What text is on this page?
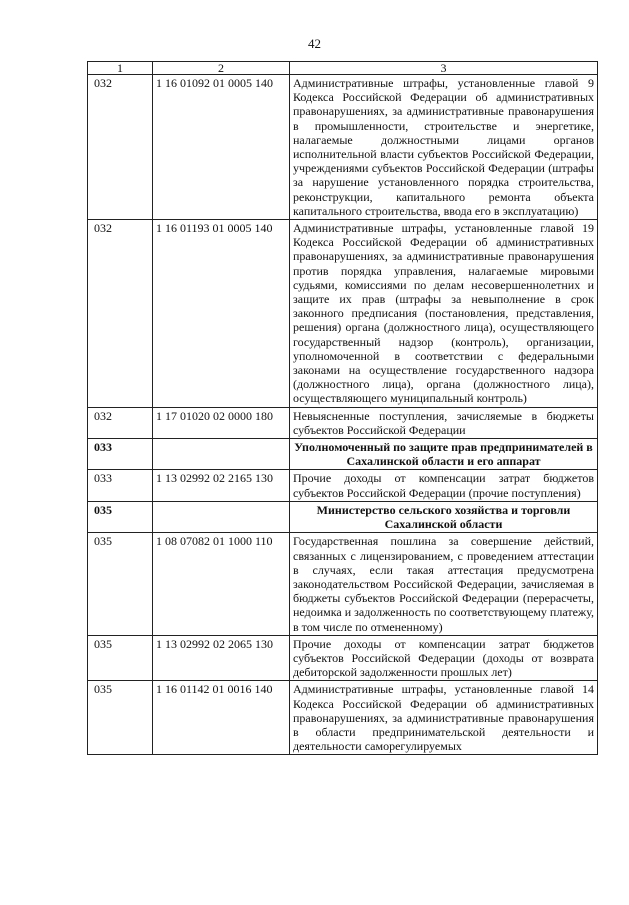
42
1	2	3
032	1 16 01092 01 0005 140	Административные штрафы, установленные главой 9 Кодекса Российской Федерации об административных правонарушениях, за административные правонарушения в промышленности, строительстве и энергетике, налагаемые должностными лицами органов исполнительной власти субъектов Российской Федерации, учреждениями субъектов Российской Федерации (штрафы за нарушение установленного порядка строительства, реконструкции, капитального ремонта объекта капитального строительства, ввода его в эксплуатацию)
032	1 16 01193 01 0005 140	Административные штрафы, установленные главой 19 Кодекса Российской Федерации об административных правонарушениях, за административные правонарушения против порядка управления, налагаемые мировыми судьями, комиссиями по делам несовершеннолетних и защите их прав (штрафы за невыполнение в срок законного предписания (постановления, представления, решения) органа (должностного лица), осуществляющего государственный надзор (контроль), организации, уполномоченной в соответствии с федеральными законами на осуществление государственного надзора (должностного лица), органа (должностного лица), осуществляющего муниципальный контроль)
032	1 17 01020 02 0000 180	Невыясненные поступления, зачисляемые в бюджеты субъектов Российской Федерации
033		Уполномоченный по защите прав предпринимателей в Сахалинской области и его аппарат
033	1 13 02992 02 2165 130	Прочие доходы от компенсации затрат бюджетов субъектов Российской Федерации (прочие поступления)
035		Министерство сельского хозяйства и торговли Сахалинской области
035	1 08 07082 01 1000 110	Государственная пошлина за совершение действий, связанных с лицензированием, с проведением аттестации в случаях, если такая аттестация предусмотрена законодательством Российской Федерации, зачисляемая в бюджеты субъектов Российской Федерации (перерасчеты, недоимка и задолженность по соответствующему платежу, в том числе по отмененному)
035	1 13 02992 02 2065 130	Прочие доходы от компенсации затрат бюджетов субъектов Российской Федерации (доходы от возврата дебиторской задолженности прошлых лет)
035	1 16 01142 01 0016 140	Административные штрафы, установленные главой 14 Кодекса Российской Федерации об административных правонарушениях, за административные правонарушения в области предпринимательской деятельности и деятельности саморегулируемых
